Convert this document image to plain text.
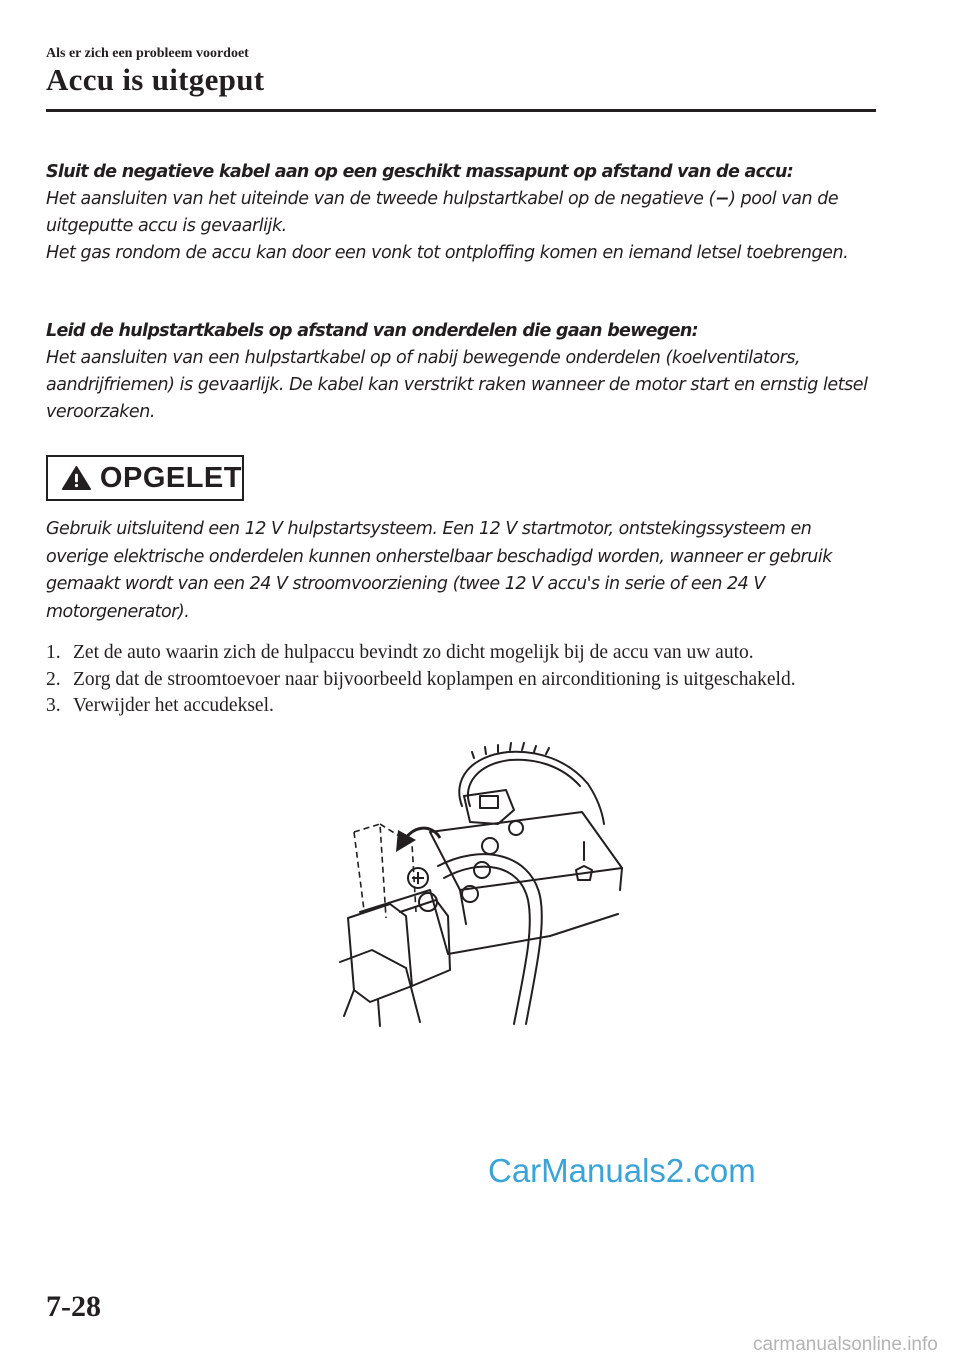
Als er zich een probleem voordoet
Accu is uitgeput
Sluit de negatieve kabel aan op een geschikt massapunt op afstand van de accu:
Het aansluiten van het uiteinde van de tweede hulpstartkabel op de negatieve (−) pool van de uitgeputte accu is gevaarlijk.
Het gas rondom de accu kan door een vonk tot ontploffing komen en iemand letsel toebrengen.
Leid de hulpstartkabels op afstand van onderdelen die gaan bewegen:
Het aansluiten van een hulpstartkabel op of nabij bewegende onderdelen (koelventilators, aandrijfriemen) is gevaarlijk. De kabel kan verstrikt raken wanneer de motor start en ernstig letsel veroorzaken.
OPGELET
Gebruik uitsluitend een 12 V hulpstartsysteem. Een 12 V startmotor, ontstekingssysteem en overige elektrische onderdelen kunnen onherstelbaar beschadigd worden, wanneer er gebruik gemaakt wordt van een 24 V stroomvoorziening (twee 12 V accu's in serie of een 24 V motorgenerator).
1. Zet de auto waarin zich de hulpaccu bevindt zo dicht mogelijk bij de accu van uw auto.
2. Zorg dat de stroomtoevoer naar bijvoorbeeld koplampen en airconditioning is uitgeschakeld.
3. Verwijder het accudeksel.
CarManuals2.com
7-28
carmanualsonline.info
